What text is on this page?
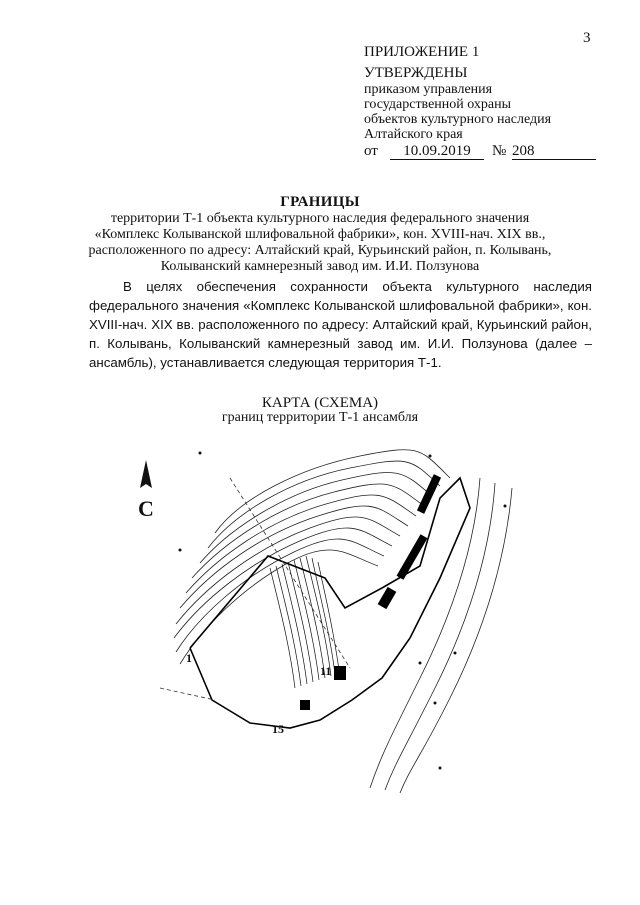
3
ПРИЛОЖЕНИЕ 1
УТВЕРЖДЕНЫ
приказом управления
государственной охраны
объектов культурного наследия
Алтайского края
от	10.09.2019	№ 208
ГРАНИЦЫ
территории Т-1 объекта культурного наследия федерального значения
«Комплекс Колыванской шлифовальной фабрики», кон. XVIII-нач. XIX вв.,
расположенного по адресу: Алтайский край, Курьинский район, п. Колывань,
Колыванский камнерезный завод им. И.И. Ползунова
В целях обеспечения сохранности объекта культурного наследия федерального значения «Комплекс Колыванской шлифовальной фабрики», кон. XVIII-нач. XIX вв. расположенного по адресу: Алтайский край, Курьинский район, п. Колывань, Колыванский камнерезный завод им. И.И. Ползунова (далее – ансамбль), устанавливается следующая территория Т-1.
КАРТА (СХЕМА)
границ территории Т-1 ансамбля
С
1
11
15
